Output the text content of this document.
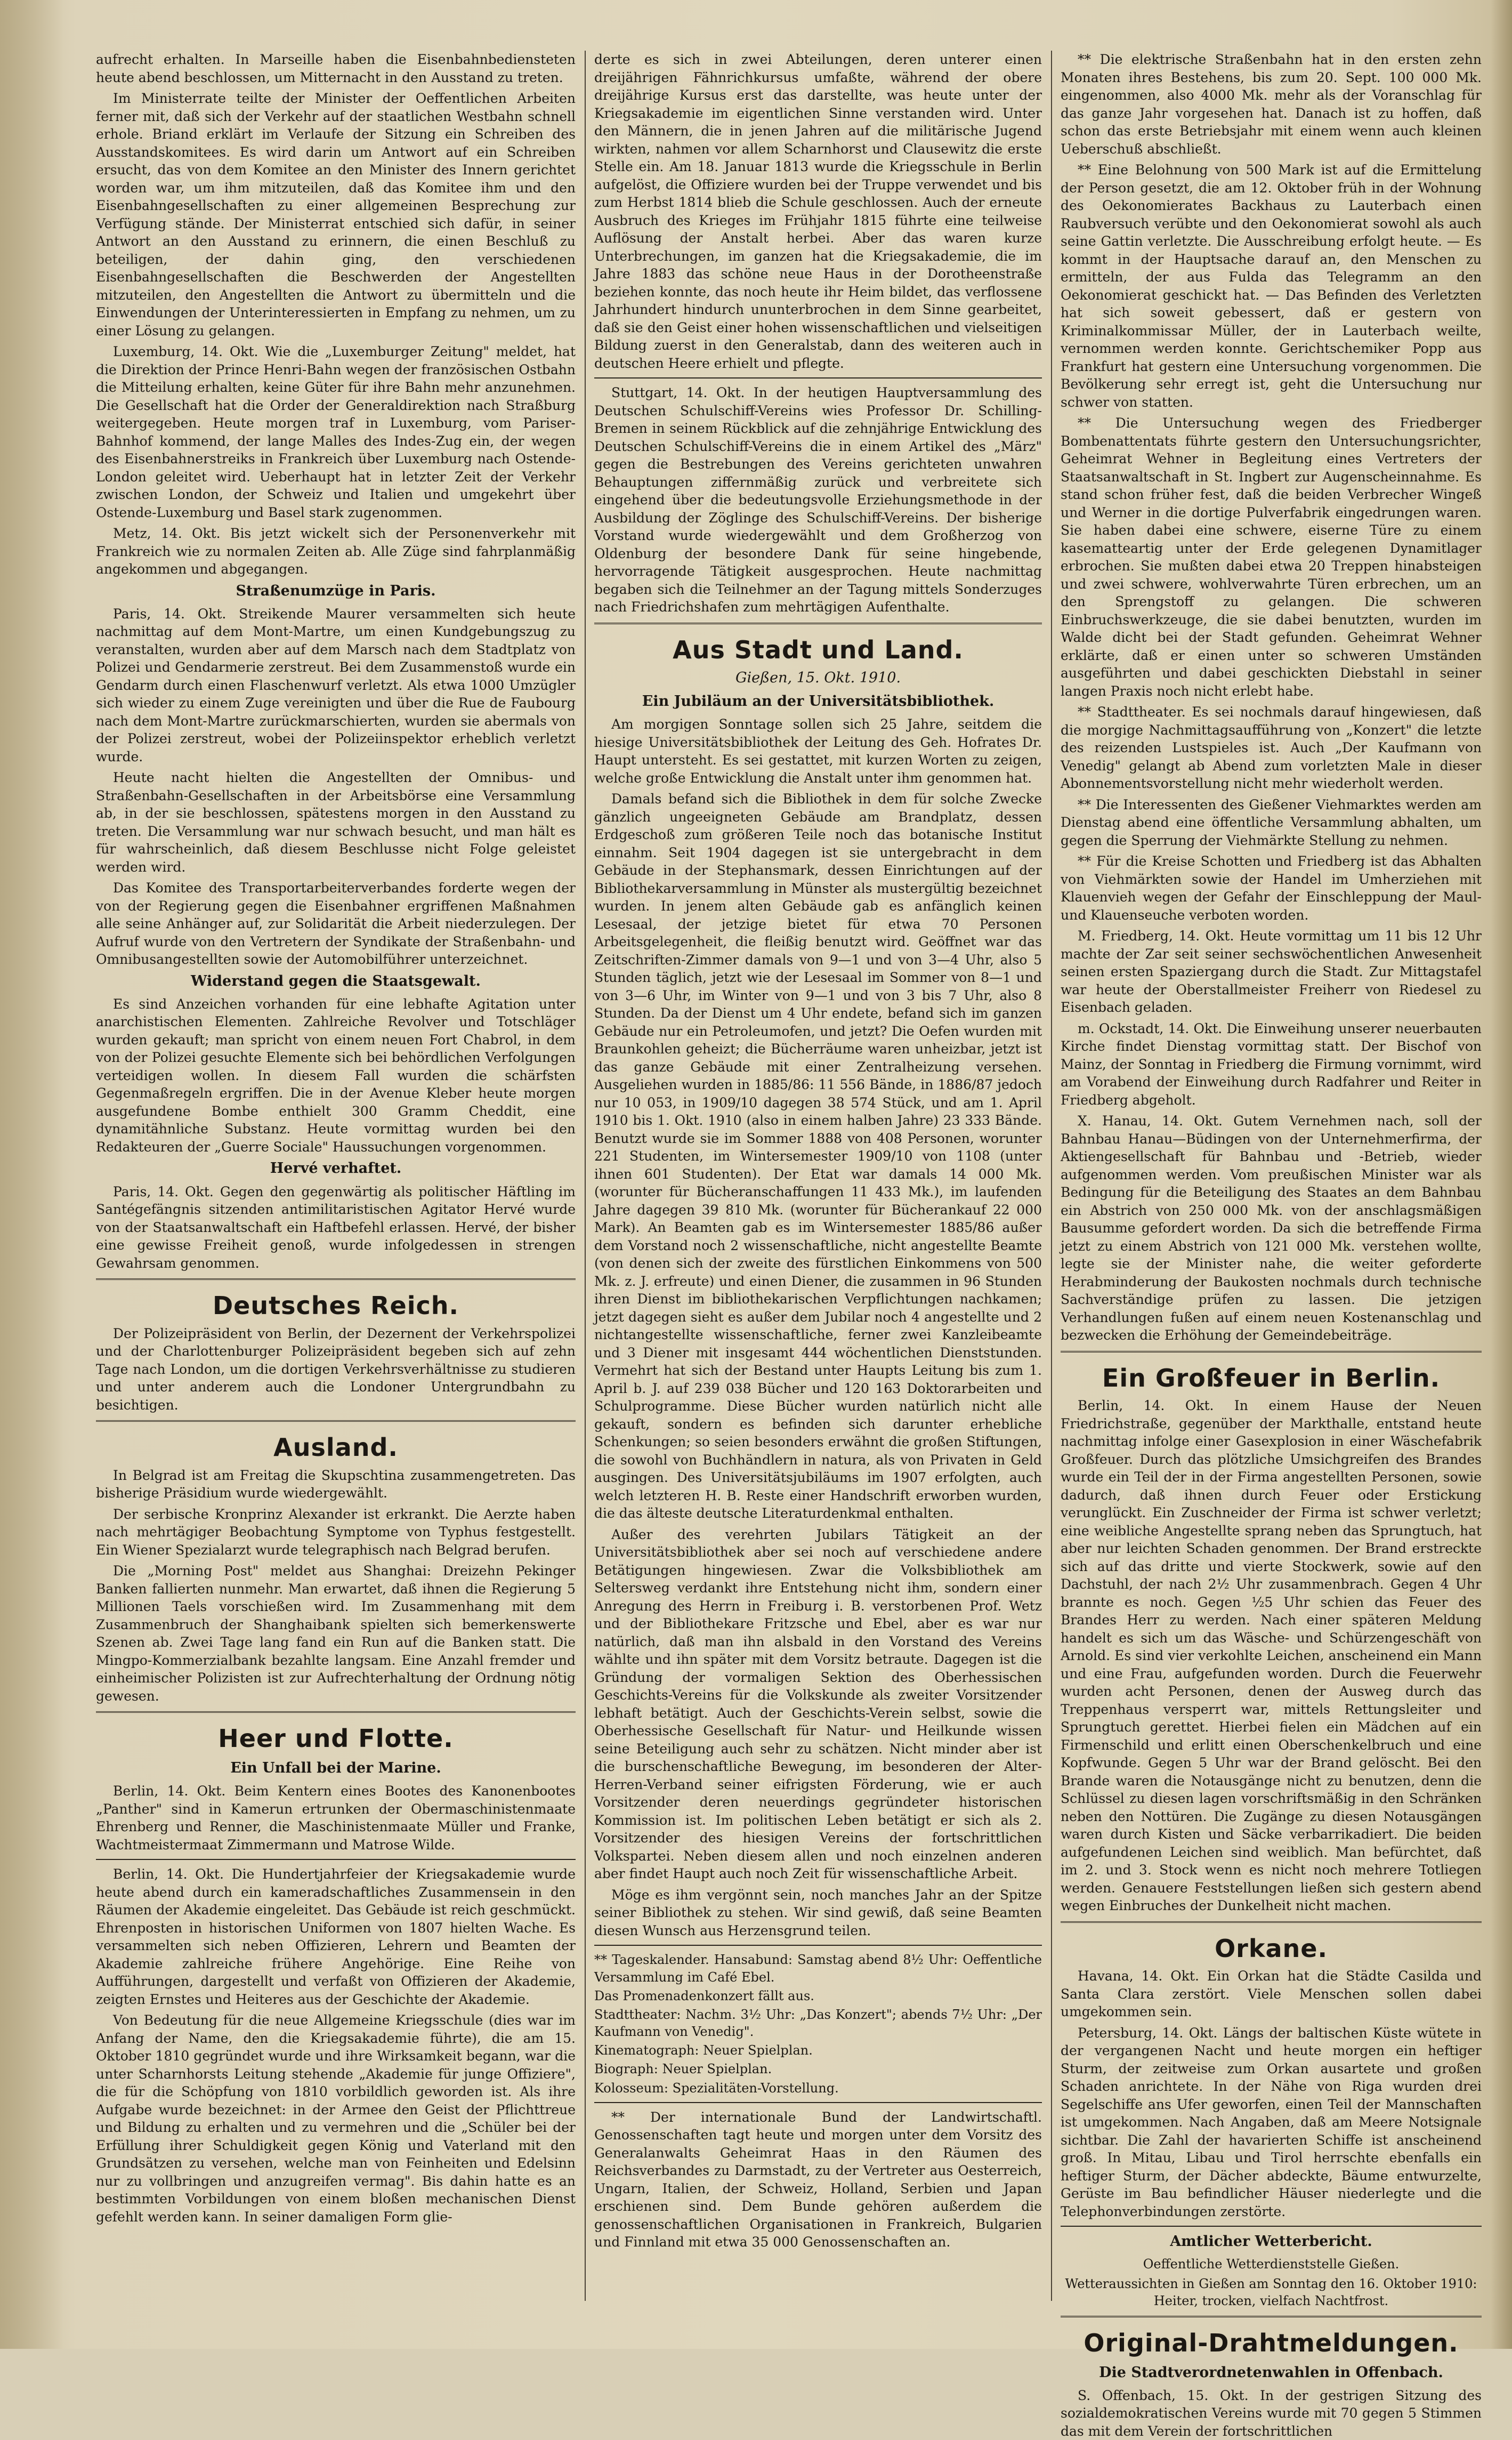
aufrecht erhalten. In Marseille haben die Eisenbahnbediensteten heute abend beschlossen, um Mitternacht in den Ausstand zu treten.

Im Ministerrate teilte der Minister der Oeffentlichen Arbeiten ferner mit, daß sich der Verkehr auf der staatlichen Westbahn schnell erhole. Briand erklärt im Verlaufe der Sitzung ein Schreiben des Ausstandskomitees. Es wird darin um Antwort auf ein Schreiben ersucht, das von dem Komitee an den Minister des Innern gerichtet worden war, um ihm mitzuteilen, daß das Komitee ihm und den Eisenbahngesellschaften zu einer allgemeinen Besprechung zur Verfügung stände. Der Ministerrat entschied sich dafür, in seiner Antwort an den Ausstand zu erinnern, die einen Beschluß zu beteiligen, der dahin ging, den verschiedenen Eisenbahngesellschaften die Beschwerden der Angestellten mitzuteilen, den Angestellten die Antwort zu übermitteln und die Einwendungen der Unterinteressierten in Empfang zu nehmen, um zu einer Lösung zu gelangen.

Luxemburg, 14. Okt. Wie die „Luxemburger Zeitung" meldet, hat die Direktion der Prince Henri-Bahn wegen der französischen Ostbahn die Mitteilung erhalten, keine Güter für ihre Bahn mehr anzunehmen. Die Gesellschaft hat die Order der Generaldirektion nach Straßburg weitergegeben. Heute morgen traf in Luxemburg, vom Pariser-Bahnhof kommend, der lange Malles des Indes-Zug ein, der wegen des Eisenbahnerstreiks in Frankreich über Luxemburg nach Ostende-London geleitet wird. Ueberhaupt hat in letzter Zeit der Verkehr zwischen London, der Schweiz und Italien und umgekehrt über Ostende-Luxemburg und Basel stark zugenommen.

Metz, 14. Okt. Bis jetzt wickelt sich der Personenverkehr mit Frankreich wie zu normalen Zeiten ab. Alle Züge sind fahrplanmäßig angekommen und abgegangen.

Straßenumzüge in Paris.

Paris, 14. Okt. Streikende Maurer versammelten sich heute nachmittag auf dem Mont-Martre, um einen Kundgebungszug zu veranstalten, wurden aber auf dem Marsch nach dem Stadtplatz von Polizei und Gendarmerie zerstreut. Bei dem Zusammenstoß wurde ein Gendarm durch einen Flaschenwurf verletzt. Als etwa 1000 Umzügler sich wieder zu einem Zuge vereinigten und über die Rue de Faubourg nach dem Mont-Martre zurückmarschierten, wurden sie abermals von der Polizei zerstreut, wobei der Polizeiinspektor erheblich verletzt wurde.

Heute nacht hielten die Angestellten der Omnibus- und Straßenbahn-Gesellschaften in der Arbeitsbörse eine Versammlung ab, in der sie beschlossen, spätestens morgen in den Ausstand zu treten. Die Versammlung war nur schwach besucht, und man hält es für wahrscheinlich, daß diesem Beschlusse nicht Folge geleistet werden wird.

Das Komitee des Transportarbeiterverbandes forderte wegen der von der Regierung gegen die Eisenbahner ergriffenen Maßnahmen alle seine Anhänger auf, zur Solidarität die Arbeit niederzulegen. Der Aufruf wurde von den Vertretern der Syndikate der Straßenbahn- und Omnibusangestellten sowie der Automobilführer unterzeichnet.

Widerstand gegen die Staatsgewalt.

Es sind Anzeichen vorhanden für eine lebhafte Agitation unter anarchistischen Elementen. Zahlreiche Revolver und Totschläger wurden gekauft; man spricht von einem neuen Fort Chabrol, in dem von der Polizei gesuchte Elemente sich bei behördlichen Verfolgungen verteidigen wollen. In diesem Fall wurden die schärfsten Gegenmaßregeln ergriffen. Die in der Avenue Kleber heute morgen ausgefundene Bombe enthielt 300 Gramm Cheddit, eine dynamitähnliche Substanz. Heute vormittag wurden bei den Redakteuren der „Guerre Sociale" Haussuchungen vorgenommen.

Hervé verhaftet.

Paris, 14. Okt. Gegen den gegenwärtig als politischer Häftling im Santégefängnis sitzenden antimilitaristischen Agitator Hervé wurde von der Staatsanwaltschaft ein Haftbefehl erlassen. Hervé, der bisher eine gewisse Freiheit genoß, wurde infolgedessen in strengen Gewahrsam genommen.

Deutsches Reich.

Der Polizeipräsident von Berlin, der Dezernent der Verkehrspolizei und der Charlottenburger Polizeipräsident begeben sich auf zehn Tage nach London, um die dortigen Verkehrsverhältnisse zu studieren und unter anderem auch die Londoner Untergrundbahn zu besichtigen.

Ausland.

In Belgrad ist am Freitag die Skupschtina zusammengetreten. Das bisherige Präsidium wurde wiedergewählt.

Der serbische Kronprinz Alexander ist erkrankt. Die Aerzte haben nach mehrtägiger Beobachtung Symptome von Typhus festgestellt. Ein Wiener Spezialarzt wurde telegraphisch nach Belgrad berufen.

Die „Morning Post" meldet aus Shanghai: Dreizehn Pekinger Banken fallierten nunmehr. Man erwartet, daß ihnen die Regierung 5 Millionen Taels vorschießen wird. Im Zusammenhang mit dem Zusammenbruch der Shanghaibank spielten sich bemerkenswerte Szenen ab. Zwei Tage lang fand ein Run auf die Banken statt. Die Mingpo-Kommerzialbank bezahlte langsam. Eine Anzahl fremder und einheimischer Polizisten ist zur Aufrechterhaltung der Ordnung nötig gewesen.

Heer und Flotte.
Ein Unfall bei der Marine.

Berlin, 14. Okt. Beim Kentern eines Bootes des Kanonenbootes „Panther" sind in Kamerun ertrunken der Obermaschinistenmaate Ehrenberg und Renner, die Maschinistenmaate Müller und Franke, Wachtmeistermaat Zimmermann und Matrose Wilde.

Berlin, 14. Okt. Die Hundertjahrfeier der Kriegsakademie wurde heute abend durch ein kameradschaftliches Zusammensein in den Räumen der Akademie eingeleitet. Das Gebäude ist reich geschmückt. Ehrenposten in historischen Uniformen von 1807 hielten Wache. Es versammelten sich neben Offizieren, Lehrern und Beamten der Akademie zahlreiche frühere Angehörige. Eine Reihe von Aufführungen, dargestellt und verfaßt von Offizieren der Akademie, zeigten Ernstes und Heiteres aus der Geschichte der Akademie.

Von Bedeutung für die neue Allgemeine Kriegsschule (dies war im Anfang der Name, den die Kriegsakademie führte), die am 15. Oktober 1810 gegründet wurde und ihre Wirksamkeit begann, war die unter Scharnhorsts Leitung stehende „Akademie für junge Offiziere", die für die Schöpfung von 1810 vorbildlich geworden ist. Als ihre Aufgabe wurde bezeichnet: in der Armee den Geist der Pflichttreue und Bildung zu erhalten und zu vermehren und die „Schüler bei der Erfüllung ihrer Schuldigkeit gegen König und Vaterland mit den Grundsätzen zu versehen, welche man von Feinheiten und Edelsinn nur zu vollbringen und anzugreifen vermag". Bis dahin hatte es an bestimmten Vorbildungen von einem bloßen mechanischen Dienst gefehlt werden kann. In seiner damaligen Form glie-

derte es sich in zwei Abteilungen, deren unterer einen dreijährigen Fähnrichkursus umfaßte, während der obere dreijährige Kursus erst das darstellte, was heute unter der Kriegsakademie im eigentlichen Sinne verstanden wird. Unter den Männern, die in jenen Jahren auf die militärische Jugend wirkten, nahmen vor allem Scharnhorst und Clausewitz die erste Stelle ein. Am 18. Januar 1813 wurde die Kriegsschule in Berlin aufgelöst, die Offiziere wurden bei der Truppe verwendet und bis zum Herbst 1814 blieb die Schule geschlossen. Auch der erneute Ausbruch des Krieges im Frühjahr 1815 führte eine teilweise Auflösung der Anstalt herbei. Aber das waren kurze Unterbrechungen, im ganzen hat die Kriegsakademie, die im Jahre 1883 das schöne neue Haus in der Dorotheenstraße beziehen konnte, das noch heute ihr Heim bildet, das verflossene Jahrhundert hindurch ununterbrochen in dem Sinne gearbeitet, daß sie den Geist einer hohen wissenschaftlichen und vielseitigen Bildung zuerst in den Generalstab, dann des weiteren auch in deutschen Heere erhielt und pflegte.

Stuttgart, 14. Okt. In der heutigen Hauptversammlung des Deutschen Schulschiff-Vereins wies Professor Dr. Schilling-Bremen in seinem Rückblick auf die zehnjährige Entwicklung des Deutschen Schulschiff-Vereins die in einem Artikel des „März" gegen die Bestrebungen des Vereins gerichteten unwahren Behauptungen ziffernmäßig zurück und verbreitete sich eingehend über die bedeutungsvolle Erziehungsmethode in der Ausbildung der Zöglinge des Schulschiff-Vereins. Der bisherige Vorstand wurde wiedergewählt und dem Großherzog von Oldenburg der besondere Dank für seine hingebende, hervorragende Tätigkeit ausgesprochen. Heute nachmittag begaben sich die Teilnehmer an der Tagung mittels Sonderzuges nach Friedrichshafen zum mehrtägigen Aufenthalte.

Aus Stadt und Land.
Gießen, 15. Okt. 1910.
Ein Jubiläum an der Universitätsbibliothek.

Am morgigen Sonntage sollen sich 25 Jahre, seitdem die hiesige Universitätsbibliothek der Leitung des Geh. Hofrates Dr. Haupt untersteht. Es sei gestattet, mit kurzen Worten zu zeigen, welche große Entwicklung die Anstalt unter ihm genommen hat.

Damals befand sich die Bibliothek in dem für solche Zwecke gänzlich ungeeigneten Gebäude am Brandplatz, dessen Erdgeschoß zum größeren Teile noch das botanische Institut einnahm. Seit 1904 dagegen ist sie untergebracht in dem Gebäude in der Stephansmark, dessen Einrichtungen auf der Bibliothekarversammlung in Münster als mustergültig bezeichnet wurden. In jenem alten Gebäude gab es anfänglich keinen Lesesaal, der jetzige bietet für etwa 70 Personen Arbeitsgelegenheit, die fleißig benutzt wird. Geöffnet war das Zeitschriften-Zimmer damals von 9—1 und von 3—4 Uhr, also 5 Stunden täglich, jetzt wie der Lesesaal im Sommer von 8—1 und von 3—6 Uhr, im Winter von 9—1 und von 3 bis 7 Uhr, also 8 Stunden. Da der Dienst um 4 Uhr endete, befand sich im ganzen Gebäude nur ein Petroleumofen, und jetzt? Die Oefen wurden mit Braunkohlen geheizt; die Bücherräume waren unheizbar, jetzt ist das ganze Gebäude mit einer Zentralheizung versehen. Ausgeliehen wurden in 1885/86: 11 556 Bände, in 1886/87 jedoch nur 10 053, in 1909/10 dagegen 38 574 Stück, und am 1. April 1910 bis 1. Okt. 1910 (also in einem halben Jahre) 23 333 Bände. Benutzt wurde sie im Sommer 1888 von 408 Personen, worunter 221 Studenten, im Wintersemester 1909/10 von 1108 (unter ihnen 601 Studenten). Der Etat war damals 14 000 Mk. (worunter für Bücheranschaffungen 11 433 Mk.), im laufenden Jahre dagegen 39 810 Mk. (worunter für Bücherankauf 22 000 Mark). An Beamten gab es im Wintersemester 1885/86 außer dem Vorstand noch 2 wissenschaftliche, nicht angestellte Beamte (von denen sich der zweite des fürstlichen Einkommens von 500 Mk. z. J. erfreute) und einen Diener, die zusammen in 96 Stunden ihren Dienst im bibliothekarischen Verpflichtungen nachkamen; jetzt dagegen sieht es außer dem Jubilar noch 4 angestellte und 2 nichtangestellte wissenschaftliche, ferner zwei Kanzleibeamte und 3 Diener mit insgesamt 444 wöchentlichen Dienststunden. Vermehrt hat sich der Bestand unter Haupts Leitung bis zum 1. April b. J. auf 239 038 Bücher und 120 163 Doktorarbeiten und Schulprogramme. Diese Bücher wurden natürlich nicht alle gekauft, sondern es befinden sich darunter erhebliche Schenkungen; so seien besonders erwähnt die großen Stiftungen, die sowohl von Buchhändlern in natura, als von Privaten in Geld ausgingen. Des Universitätsjubiläums im 1907 erfolgten, auch welch letzteren H. B. Reste einer Handschrift erworben wurden, die das älteste deutsche Literaturdenkmal enthalten.

Außer des verehrten Jubilars Tätigkeit an der Universitätsbibliothek aber sei noch auf verschiedene andere Betätigungen hingewiesen. Zwar die Volksbibliothek am Seltersweg verdankt ihre Entstehung nicht ihm, sondern einer Anregung des Herrn in Freiburg i. B. verstorbenen Prof. Wetz und der Bibliothekare Fritzsche und Ebel, aber es war nur natürlich, daß man ihn alsbald in den Vorstand des Vereins wählte und ihn später mit dem Vorsitz betraute. Dagegen ist die Gründung der vormaligen Sektion des Oberhessischen Geschichts-Vereins für die Volkskunde als zweiter Vorsitzender lebhaft betätigt. Auch der Geschichts-Verein selbst, sowie die Oberhessische Gesellschaft für Natur- und Heilkunde wissen seine Beteiligung auch sehr zu schätzen. Nicht minder aber ist die burschenschaftliche Bewegung, im besonderen der Alter-Herren-Verband seiner eifrigsten Förderung, wie er auch Vorsitzender deren neuerdings gegründeter historischen Kommission ist. Im politischen Leben betätigt er sich als 2. Vorsitzender des hiesigen Vereins der fortschrittlichen Volkspartei. Neben diesem allen und noch einzelnen anderen aber findet Haupt auch noch Zeit für wissenschaftliche Arbeit.

Möge es ihm vergönnt sein, noch manches Jahr an der Spitze seiner Bibliothek zu stehen. Wir sind gewiß, daß seine Beamten diesen Wunsch aus Herzensgrund teilen.

** Tageskalender. Hansabund: Samstag abend 8½ Uhr: Oeffentliche Versammlung im Café Ebel.

Das Promenadenkonzert fällt aus.

Stadttheater: Nachm. 3½ Uhr: „Das Konzert"; abends 7½ Uhr: „Der Kaufmann von Venedig".

Kinematograph: Neuer Spielplan.

Biograph: Neuer Spielplan.

Kolosseum: Spezialitäten-Vorstellung.

** Der internationale Bund der Landwirtschaftl. Genossenschaften tagt heute und morgen unter dem Vorsitz des Generalanwalts Geheimrat Haas in den Räumen des Reichsverbandes zu Darmstadt, zu der Vertreter aus Oesterreich, Ungarn, Italien, der Schweiz, Holland, Serbien und Japan erschienen sind. Dem Bunde gehören außerdem die genossenschaftlichen Organisationen in Frankreich, Bulgarien und Finnland mit etwa 35 000 Genossenschaften an.

** Die elektrische Straßenbahn hat in den ersten zehn Monaten ihres Bestehens, bis zum 20. Sept. 100 000 Mk. eingenommen, also 4000 Mk. mehr als der Voranschlag für das ganze Jahr vorgesehen hat. Danach ist zu hoffen, daß schon das erste Betriebsjahr mit einem wenn auch kleinen Ueberschuß abschließt.

** Eine Belohnung von 500 Mark ist auf die Ermittelung der Person gesetzt, die am 12. Oktober früh in der Wohnung des Oekonomierates Backhaus zu Lauterbach einen Raubversuch verübte und den Oekonomierat sowohl als auch seine Gattin verletzte. Die Ausschreibung erfolgt heute. — Es kommt in der Hauptsache darauf an, den Menschen zu ermitteln, der aus Fulda das Telegramm an den Oekonomierat geschickt hat. — Das Befinden des Verletzten hat sich soweit gebessert, daß er gestern von Kriminalkommissar Müller, der in Lauterbach weilte, vernommen werden konnte. Gerichtschemiker Popp aus Frankfurt hat gestern eine Untersuchung vorgenommen. Die Bevölkerung sehr erregt ist, geht die Untersuchung nur schwer von statten.

** Die Untersuchung wegen des Friedberger Bombenattentats führte gestern den Untersuchungsrichter, Geheimrat Wehner in Begleitung eines Vertreters der Staatsanwaltschaft in St. Ingbert zur Augenscheinnahme. Es stand schon früher fest, daß die beiden Verbrecher Wingeß und Werner in die dortige Pulverfabrik eingedrungen waren. Sie haben dabei eine schwere, eiserne Türe zu einem kasematteartig unter der Erde gelegenen Dynamitlager erbrochen. Sie mußten dabei etwa 20 Treppen hinabsteigen und zwei schwere, wohlverwahrte Türen erbrechen, um an den Sprengstoff zu gelangen. Die schweren Einbruchswerkzeuge, die sie dabei benutzten, wurden im Walde dicht bei der Stadt gefunden. Geheimrat Wehner erklärte, daß er einen unter so schweren Umständen ausgeführten und dabei geschickten Diebstahl in seiner langen Praxis noch nicht erlebt habe.

** Stadttheater. Es sei nochmals darauf hingewiesen, daß die morgige Nachmittagsaufführung von „Konzert" die letzte des reizenden Lustspieles ist. Auch „Der Kaufmann von Venedig" gelangt ab Abend zum vorletzten Male in dieser Abonnementsvorstellung nicht mehr wiederholt werden.

** Die Interessenten des Gießener Viehmarktes werden am Dienstag abend eine öffentliche Versammlung abhalten, um gegen die Sperrung der Viehmärkte Stellung zu nehmen.

** Für die Kreise Schotten und Friedberg ist das Abhalten von Viehmärkten sowie der Handel im Umherziehen mit Klauenvieh wegen der Gefahr der Einschleppung der Maul- und Klauenseuche verboten worden.

M. Friedberg, 14. Okt. Heute vormittag um 11 bis 12 Uhr machte der Zar seit seiner sechswöchentlichen Anwesenheit seinen ersten Spaziergang durch die Stadt. Zur Mittagstafel war heute der Oberstallmeister Freiherr von Riedesel zu Eisenbach geladen.

m. Ockstadt, 14. Okt. Die Einweihung unserer neuerbauten Kirche findet Dienstag vormittag statt. Der Bischof von Mainz, der Sonntag in Friedberg die Firmung vornimmt, wird am Vorabend der Einweihung durch Radfahrer und Reiter in Friedberg abgeholt.

X. Hanau, 14. Okt. Gutem Vernehmen nach, soll der Bahnbau Hanau—Büdingen von der Unternehmerfirma, der Aktiengesellschaft für Bahnbau und -Betrieb, wieder aufgenommen werden. Vom preußischen Minister war als Bedingung für die Beteiligung des Staates an dem Bahnbau ein Abstrich von 250 000 Mk. von der anschlagsmäßigen Bausumme gefordert worden. Da sich die betreffende Firma jetzt zu einem Abstrich von 121 000 Mk. verstehen wollte, legte sie der Minister nahe, die weiter geforderte Herabminderung der Baukosten nochmals durch technische Sachverständige prüfen zu lassen. Die jetzigen Verhandlungen fußen auf einem neuen Kostenanschlag und bezwecken die Erhöhung der Gemeindebeiträge.

Ein Großfeuer in Berlin.

Berlin, 14. Okt. In einem Hause der Neuen Friedrichstraße, gegenüber der Markthalle, entstand heute nachmittag infolge einer Gasexplosion in einer Wäschefabrik Großfeuer. Durch das plötzliche Umsichgreifen des Brandes wurde ein Teil der in der Firma angestellten Personen, sowie dadurch, daß ihnen durch Feuer oder Erstickung verunglückt. Ein Zuschneider der Firma ist schwer verletzt; eine weibliche Angestellte sprang neben das Sprungtuch, hat aber nur leichten Schaden genommen. Der Brand erstreckte sich auf das dritte und vierte Stockwerk, sowie auf den Dachstuhl, der nach 2½ Uhr zusammenbrach. Gegen 4 Uhr brannte es noch. Gegen ½5 Uhr schien das Feuer des Brandes Herr zu werden. Nach einer späteren Meldung handelt es sich um das Wäsche- und Schürzengeschäft von Arnold. Es sind vier verkohlte Leichen, anscheinend ein Mann und eine Frau, aufgefunden worden. Durch die Feuerwehr wurden acht Personen, denen der Ausweg durch das Treppenhaus versperrt war, mittels Rettungsleiter und Sprungtuch gerettet. Hierbei fielen ein Mädchen auf ein Firmenschild und erlitt einen Oberschenkelbruch und eine Kopfwunde. Gegen 5 Uhr war der Brand gelöscht. Bei den Brande waren die Notausgänge nicht zu benutzen, denn die Schlüssel zu diesen lagen vorschriftsmäßig in den Schränken neben den Nottüren. Die Zugänge zu diesen Notausgängen waren durch Kisten und Säcke verbarrikadiert. Die beiden aufgefundenen Leichen sind weiblich. Man befürchtet, daß im 2. und 3. Stock wenn es nicht noch mehrere Totliegen werden. Genauere Feststellungen ließen sich gestern abend wegen Einbruches der Dunkelheit nicht machen.

Orkane.

Havana, 14. Okt. Ein Orkan hat die Städte Casilda und Santa Clara zerstört. Viele Menschen sollen dabei umgekommen sein.

Petersburg, 14. Okt. Längs der baltischen Küste wütete in der vergangenen Nacht und heute morgen ein heftiger Sturm, der zeitweise zum Orkan ausartete und großen Schaden anrichtete. In der Nähe von Riga wurden drei Segelschiffe ans Ufer geworfen, einen Teil der Mannschaften ist umgekommen. Nach Angaben, daß am Meere Notsignale sichtbar. Die Zahl der havarierten Schiffe ist anscheinend groß. In Mitau, Libau und Tirol herrschte ebenfalls ein heftiger Sturm, der Dächer abdeckte, Bäume entwurzelte, Gerüste im Bau befindlicher Häuser niederlegte und die Telephonverbindungen zerstörte.

Amtlicher Wetterbericht.

Oeffentliche Wetterdienststelle Gießen.

Wetteraussichten in Gießen am Sonntag den 16. Oktober 1910: Heiter, trocken, vielfach Nachtfrost.

Original-Drahtmeldungen.
Die Stadtverordnetenwahlen in Offenbach.

S. Offenbach, 15. Okt. In der gestrigen Sitzung des sozialdemokratischen Vereins wurde mit 70 gegen 5 Stimmen das mit dem Verein der fortschrittlichen
